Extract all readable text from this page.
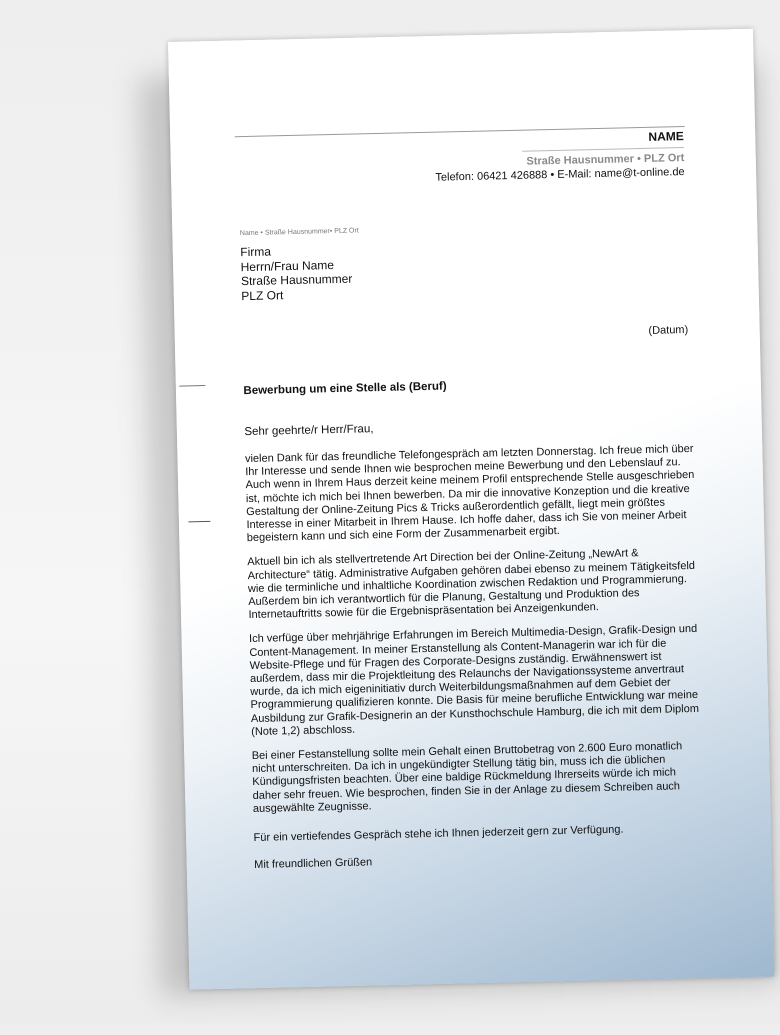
NAME
Straße Hausnummer • PLZ Ort
Telefon: 06421 426888 • E-Mail: name@t-online.de
Name • Straße Hausnummer• PLZ Ort
Firma
Herrn/Frau Name
Straße Hausnummer
PLZ Ort
(Datum)
Bewerbung um eine Stelle als (Beruf)
Sehr geehrte/r Herr/Frau,

vielen Dank für das freundliche Telefongespräch am letzten Donnerstag. Ich freue mich über Ihr Interesse und sende Ihnen wie besprochen meine Bewerbung und den Lebenslauf zu. Auch wenn in Ihrem Haus derzeit keine meinem Profil entsprechende Stelle ausgeschrieben ist, möchte ich mich bei Ihnen bewerben. Da mir die innovative Konzeption und die kreative Gestaltung der Online-Zeitung Pics & Tricks außerordentlich gefällt, liegt mein größtes Interesse in einer Mitarbeit in Ihrem Hause. Ich hoffe daher, dass ich Sie von meiner Arbeit begeistern kann und sich eine Form der Zusammenarbeit ergibt.

Aktuell bin ich als stellvertretende Art Direction bei der Online-Zeitung „NewArt & Architecture“ tätig. Administrative Aufgaben gehören dabei ebenso zu meinem Tätigkeitsfeld wie die terminliche und inhaltliche Koordination zwischen Redaktion und Programmierung. Außerdem bin ich verantwortlich für die Planung, Gestaltung und Produktion des Internetauftritts sowie für die Ergebnispräsentation bei Anzeigenkunden.

Ich verfüge über mehrjährige Erfahrungen im Bereich Multimedia-Design, Grafik-Design und Content-Management. In meiner Erstanstellung als Content-Managerin war ich für die Website-Pflege und für Fragen des Corporate-Designs zuständig. Erwähnenswert ist außerdem, dass mir die Projektleitung des Relaunchs der Navigationssysteme anvertraut wurde, da ich mich eigeninitiativ durch Weiterbildungsmaßnahmen auf dem Gebiet der Programmierung qualifizieren konnte. Die Basis für meine berufliche Entwicklung war meine Ausbildung zur Grafik-Designerin an der Kunsthochschule Hamburg, die ich mit dem Diplom (Note 1,2) abschloss.

Bei einer Festanstellung sollte mein Gehalt einen Bruttobetrag von 2.600 Euro monatlich nicht unterschreiten. Da ich in ungekündigter Stellung tätig bin, muss ich die üblichen Kündigungsfristen beachten. Über eine baldige Rückmeldung Ihrerseits würde ich mich daher sehr freuen. Wie besprochen, finden Sie in der Anlage zu diesem Schreiben auch ausgewählte Zeugnisse.

Für ein vertiefendes Gespräch stehe ich Ihnen jederzeit gern zur Verfügung.

Mit freundlichen Grüßen
